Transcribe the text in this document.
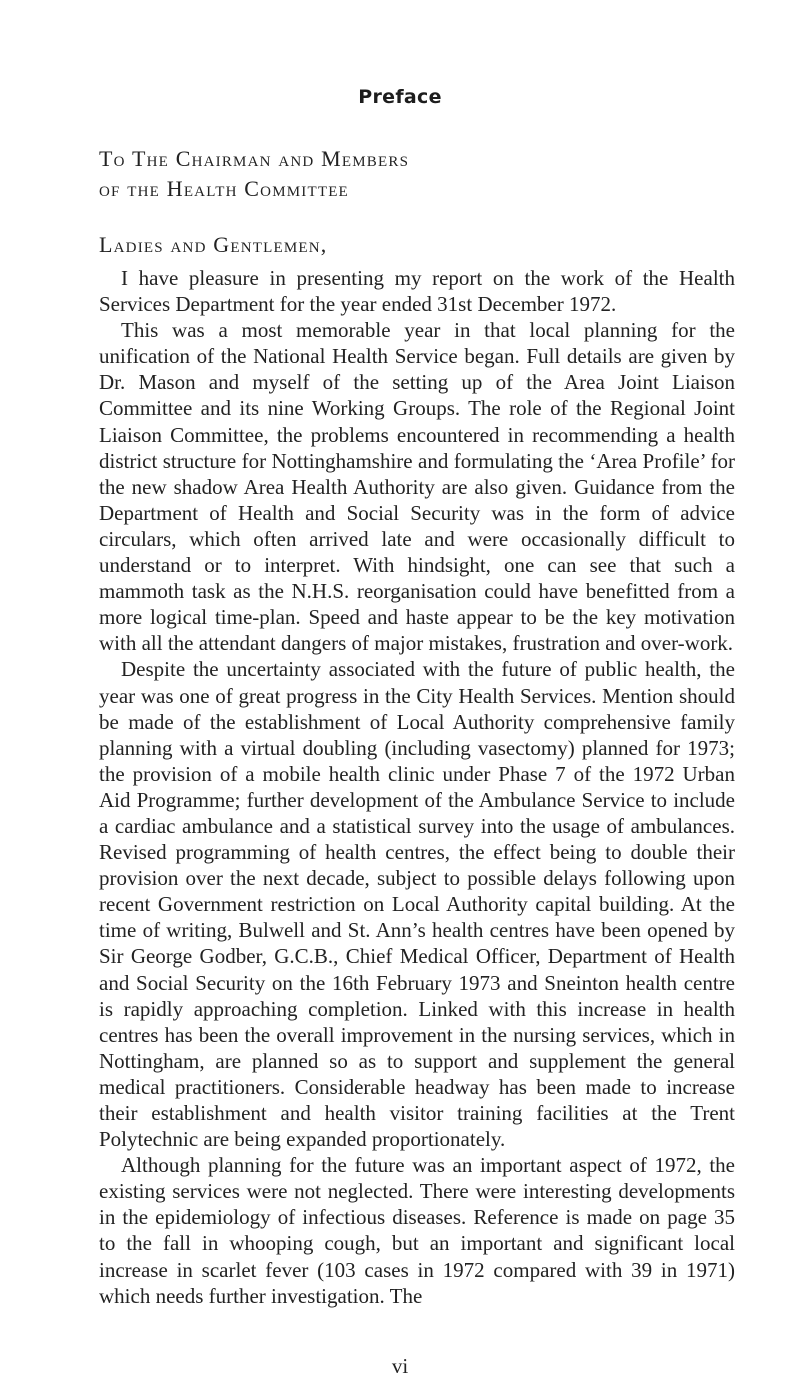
Preface
To The Chairman and Members
of the Health Committee
Ladies and Gentlemen,

I have pleasure in presenting my report on the work of the Health Services Department for the year ended 31st December 1972.

This was a most memorable year in that local planning for the unification of the National Health Service began. Full details are given by Dr. Mason and myself of the setting up of the Area Joint Liaison Committee and its nine Working Groups. The role of the Regional Joint Liaison Committee, the problems encountered in recommending a health district structure for Nottinghamshire and formulating the ‘Area Profile’ for the new shadow Area Health Authority are also given. Guidance from the Department of Health and Social Security was in the form of advice circulars, which often arrived late and were occasionally difficult to understand or to interpret. With hindsight, one can see that such a mammoth task as the N.H.S. reorganisation could have benefitted from a more logical time-plan. Speed and haste appear to be the key motivation with all the attendant dangers of major mistakes, frustration and over-work.

Despite the uncertainty associated with the future of public health, the year was one of great progress in the City Health Services. Mention should be made of the establishment of Local Authority comprehensive family planning with a virtual doubling (including vasectomy) planned for 1973; the provision of a mobile health clinic under Phase 7 of the 1972 Urban Aid Programme; further development of the Ambulance Service to include a cardiac ambulance and a statistical survey into the usage of ambulances. Revised programming of health centres, the effect being to double their provision over the next decade, subject to possible delays following upon recent Government restriction on Local Authority capital building. At the time of writing, Bulwell and St. Ann’s health centres have been opened by Sir George Godber, G.C.B., Chief Medical Officer, Department of Health and Social Security on the 16th February 1973 and Sneinton health centre is rapidly approaching completion. Linked with this increase in health centres has been the overall improvement in the nursing services, which in Nottingham, are planned so as to support and supplement the general medical practitioners. Considerable headway has been made to increase their establishment and health visitor training facilities at the Trent Polytechnic are being expanded proportionately.

Although planning for the future was an important aspect of 1972, the existing services were not neglected. There were interesting developments in the epidemiology of infectious diseases. Reference is made on page 35 to the fall in whooping cough, but an important and significant local increase in scarlet fever (103 cases in 1972 compared with 39 in 1971) which needs further investigation. The

vi
